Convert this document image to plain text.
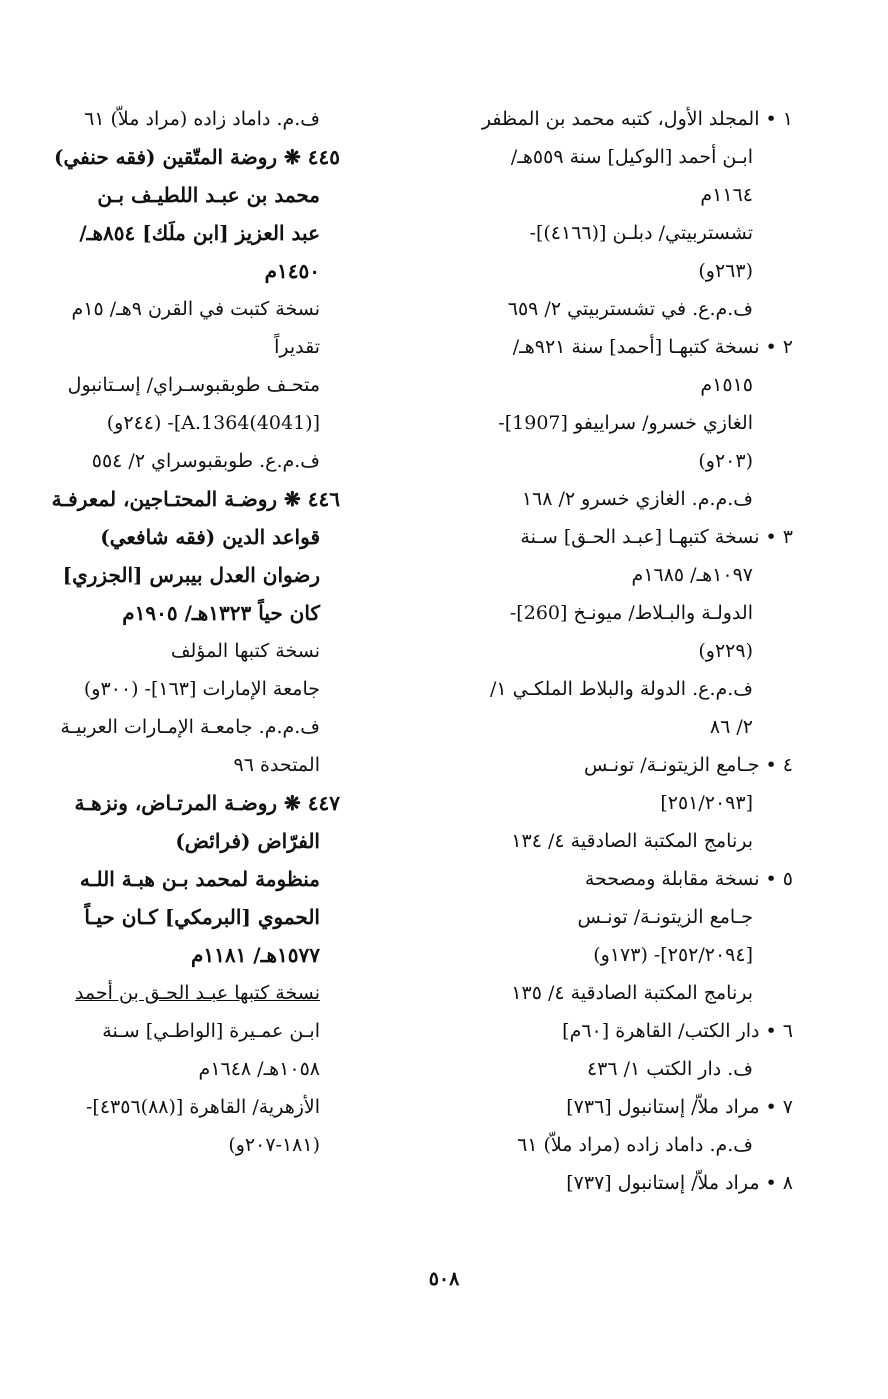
١ • المجلد الأول، كتبه محمد بن المظفر
ابـن أحمد [الوكيل] سنة ٥٥٩هـ/
١١٦٤م
تشستربيتي/ دبلـن [(٤١٦٦)]-
(٢٦٣و)
ف.م.ع. في تشستربيتي ٢/ ٦٥٩
٢ • نسخة كتبهـا [أحمد] سنة ٩٢١هـ/
١٥١٥م
الغازي خسرو/ سراييفو [1907]-
(٢٠٣و)
ف.م.م. الغازي خسرو ٢/ ١٦٨
٣ • نسخة كتبهـا [عبـد الحـق] سـنة
١٠٩٧هـ/ ١٦٨٥م
الدولـة والبـلاط/ ميونـخ [260]-
(٢٢٩و)
ف.م.ع. الدولة والبلاط الملكـي ١/
٢/ ٨٦
٤ • جـامع الزيتونـة/ تونـس
[٢٥١/٢٠٩٣]
برنامج المكتبة الصادقية ٤/ ١٣٤
٥ • نسخة مقابلة ومصححة
جـامع الزيتونـة/ تونـس
[٢٥٢/٢٠٩٤]- (١٧٣و)
برنامج المكتبة الصادقية ٤/ ١٣٥
٦ • دار الكتب/ القاهرة [٦٠م]
ف. دار الكتب ١/ ٤٣٦
٧ • مراد ملاّ/ إستانبول [٧٣٦]
ف.م. داماد زاده (مراد ملاّ) ٦١
٨ • مراد ملاّ/ إستانبول [٧٣٧]
ف.م. داماد زاده (مراد ملاّ) ٦١
٤٤٥ ❋ روضة المتّقين (فقه حنفي)
محمد بن عبـد اللطيـف بـن
عبد العزيز [ابن ملَك] ٨٥٤هـ/
١٤٥٠م
نسخة كتبت في القرن ٩هـ/ ١٥م
تقديراً
متحـف طوبقبوسـراي/ إسـتانبول
[A.1364(4041)]- (٢٤٤و)
ف.م.ع. طوبقبوسراي ٢/ ٥٥٤
٤٤٦ ❋ روضـة المحتـاجين، لمعرفـة
قواعد الدين (فقه شافعي)
رضوان العدل بيبرس [الجزري]
كان حياً ١٣٢٣هـ/ ١٩٠٥م
نسخة كتبها المؤلف
جامعة الإمارات [١٦٣]- (٣٠٠و)
ف.م.م. جامعـة الإمـارات العربيـة
المتحدة ٩٦
٤٤٧ ❋ روضـة المرتـاض، ونزهـة
الفرّاض (فرائض)
منظومة لمحمد بـن هبـة اللـه
الحموي [البرمكي] كـان حيـاً
١٥٧٧هـ/ ١١٨١م
نسخة كتبها عبـد الحـق بن أحمد
ابـن عمـيرة [الواطـي] سـنة
١٠٥٨هـ/ ١٦٤٨م
الأزهرية/ القاهرة [(٨٨)٤٣٥٦]-
(١٨١-٢٠٧و)
٥٠٨
